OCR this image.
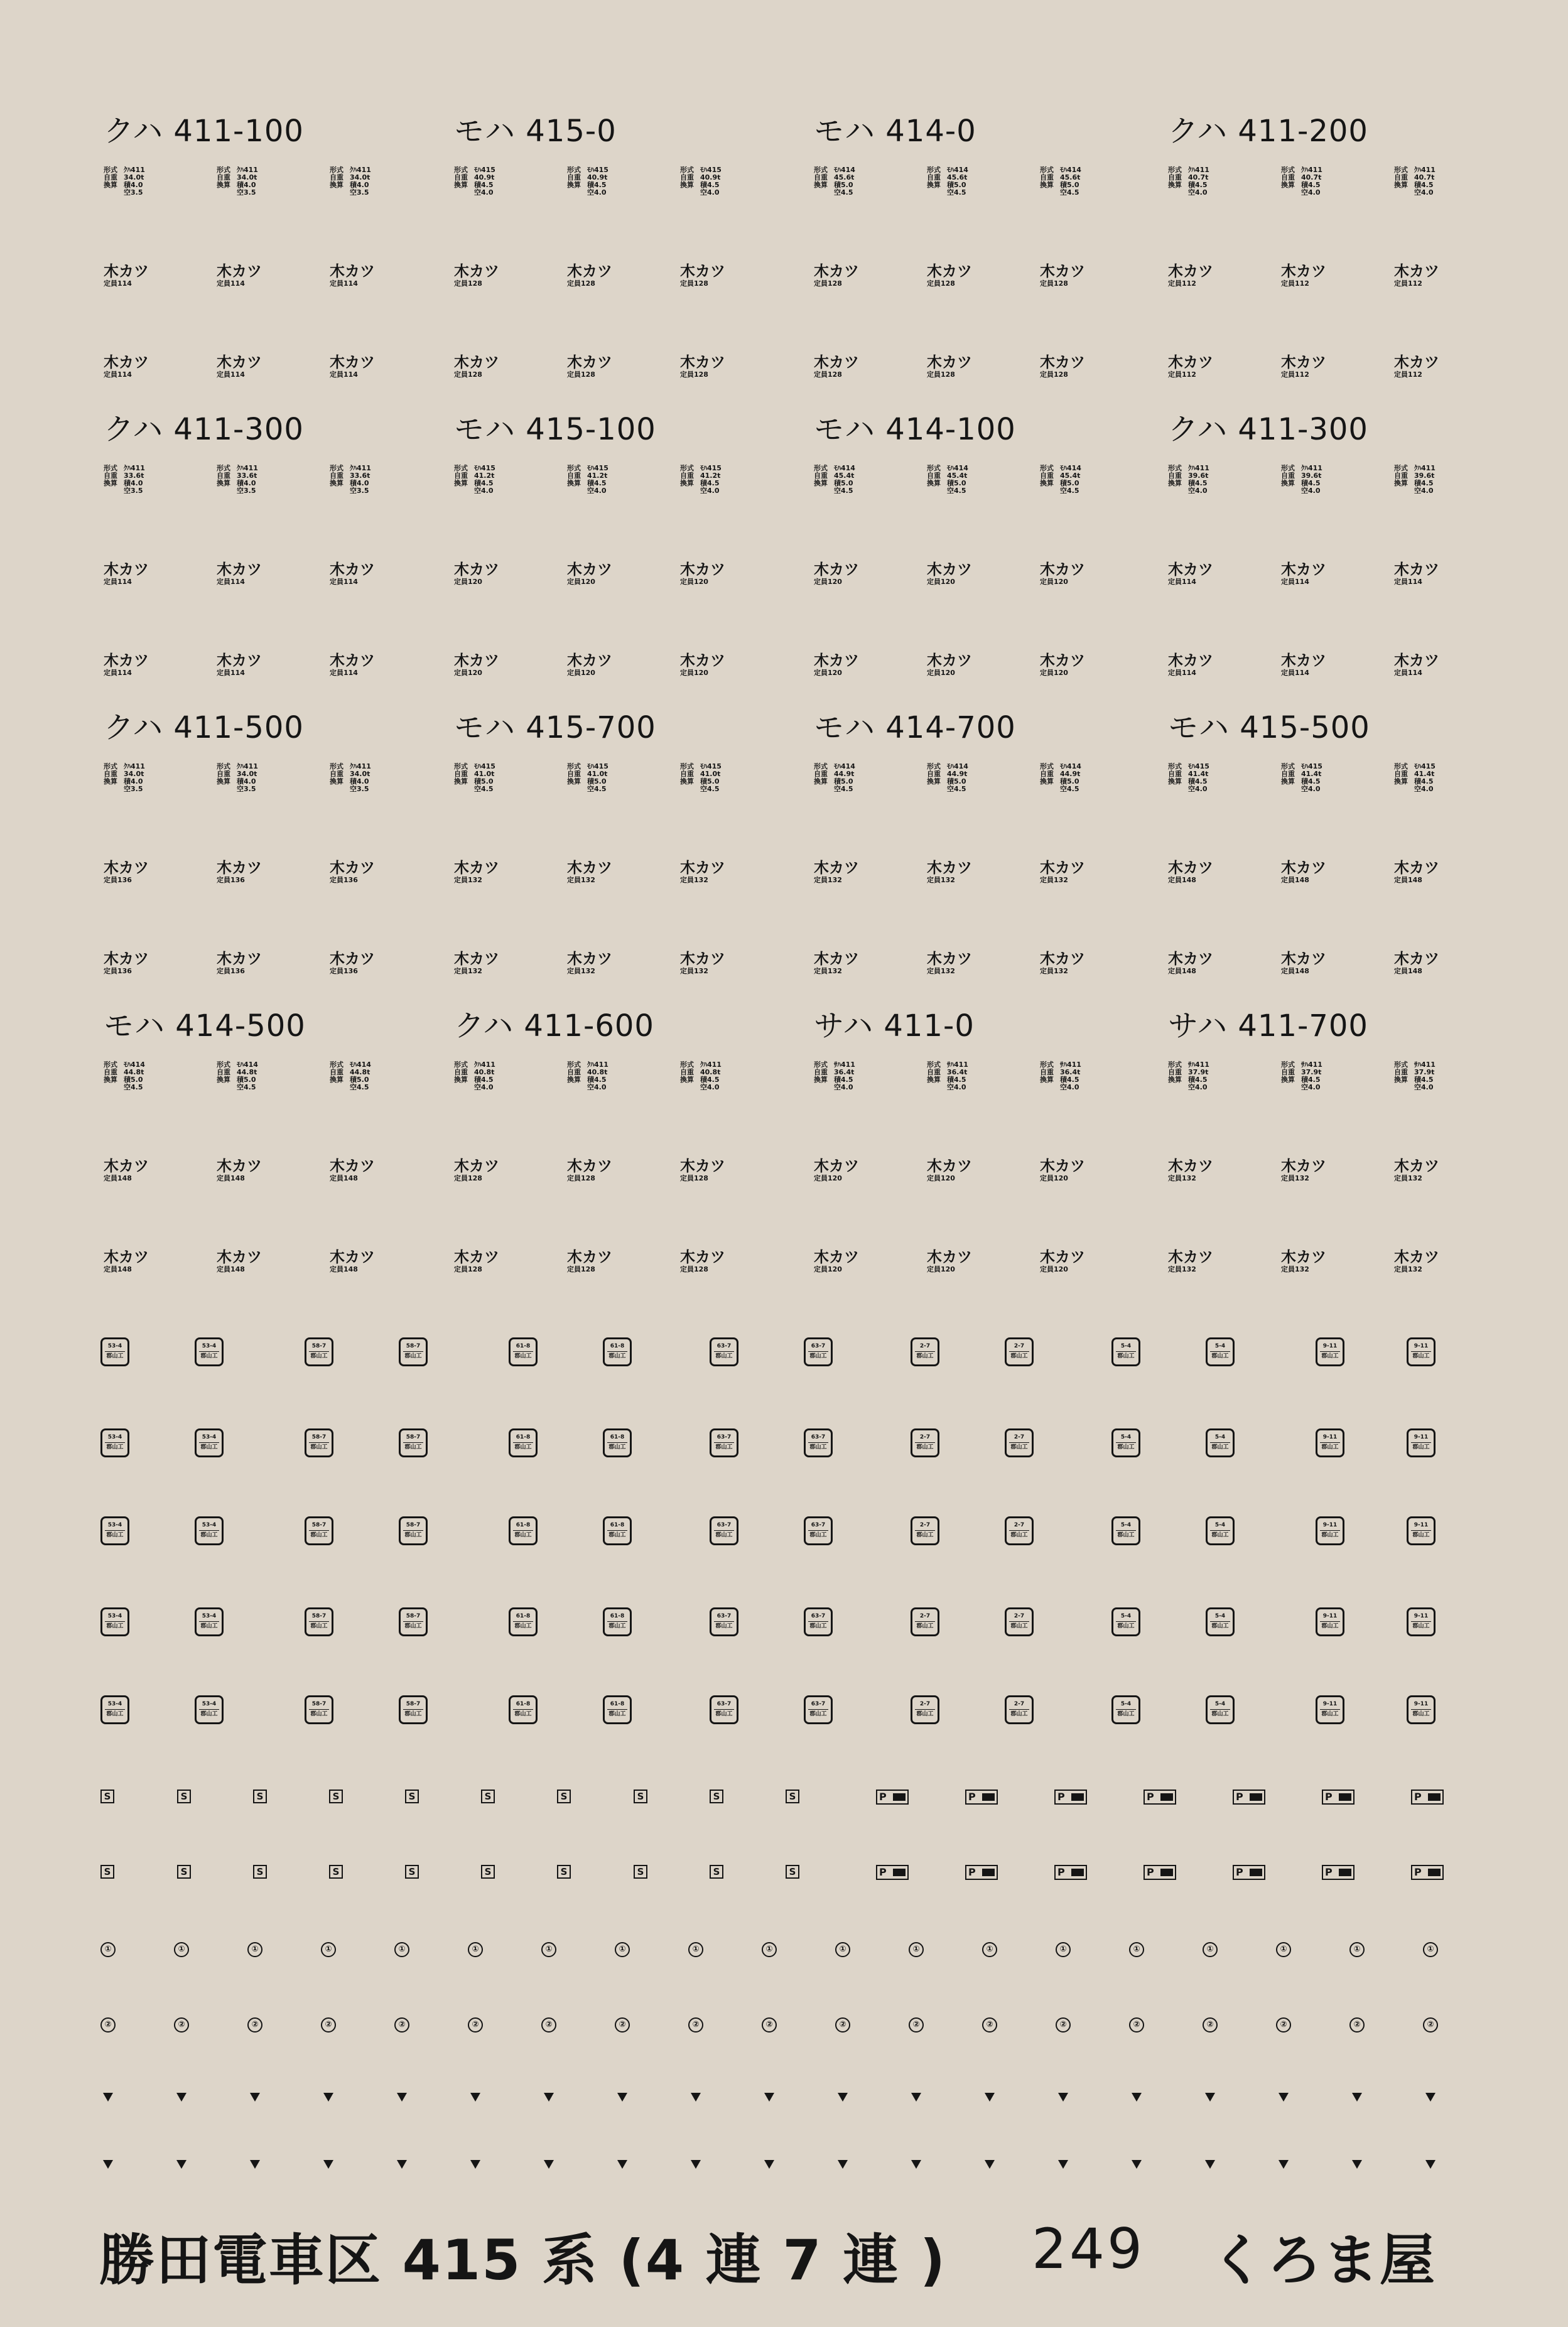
クハ 411-100
形式 ｸﾊ411
自重 34.0t
換算 積4.0
空3.5
木カツ
定員114
木カツ
定員114
形式 ｸﾊ411
自重 34.0t
換算 積4.0
空3.5
木カツ
定員114
木カツ
定員114
形式 ｸﾊ411
自重 34.0t
換算 積4.0
空3.5
木カツ
定員114
木カツ
定員114
モハ 415-0
形式 ﾓﾊ415
自重 40.9t
換算 積4.5
空4.0
木カツ
定員128
木カツ
定員128
形式 ﾓﾊ415
自重 40.9t
換算 積4.5
空4.0
木カツ
定員128
木カツ
定員128
形式 ﾓﾊ415
自重 40.9t
換算 積4.5
空4.0
木カツ
定員128
木カツ
定員128
モハ 414-0
形式 ﾓﾊ414
自重 45.6t
換算 積5.0
空4.5
木カツ
定員128
木カツ
定員128
形式 ﾓﾊ414
自重 45.6t
換算 積5.0
空4.5
木カツ
定員128
木カツ
定員128
形式 ﾓﾊ414
自重 45.6t
換算 積5.0
空4.5
木カツ
定員128
木カツ
定員128
クハ 411-200
形式 ｸﾊ411
自重 40.7t
換算 積4.5
空4.0
木カツ
定員112
木カツ
定員112
形式 ｸﾊ411
自重 40.7t
換算 積4.5
空4.0
木カツ
定員112
木カツ
定員112
形式 ｸﾊ411
自重 40.7t
換算 積4.5
空4.0
木カツ
定員112
木カツ
定員112
クハ 411-300
形式 ｸﾊ411
自重 33.6t
換算 積4.0
空3.5
木カツ
定員114
木カツ
定員114
形式 ｸﾊ411
自重 33.6t
換算 積4.0
空3.5
木カツ
定員114
木カツ
定員114
形式 ｸﾊ411
自重 33.6t
換算 積4.0
空3.5
木カツ
定員114
木カツ
定員114
モハ 415-100
形式 ﾓﾊ415
自重 41.2t
換算 積4.5
空4.0
木カツ
定員120
木カツ
定員120
形式 ﾓﾊ415
自重 41.2t
換算 積4.5
空4.0
木カツ
定員120
木カツ
定員120
形式 ﾓﾊ415
自重 41.2t
換算 積4.5
空4.0
木カツ
定員120
木カツ
定員120
モハ 414-100
形式 ﾓﾊ414
自重 45.4t
換算 積5.0
空4.5
木カツ
定員120
木カツ
定員120
形式 ﾓﾊ414
自重 45.4t
換算 積5.0
空4.5
木カツ
定員120
木カツ
定員120
形式 ﾓﾊ414
自重 45.4t
換算 積5.0
空4.5
木カツ
定員120
木カツ
定員120
クハ 411-300
形式 ｸﾊ411
自重 39.6t
換算 積4.5
空4.0
木カツ
定員114
木カツ
定員114
形式 ｸﾊ411
自重 39.6t
換算 積4.5
空4.0
木カツ
定員114
木カツ
定員114
形式 ｸﾊ411
自重 39.6t
換算 積4.5
空4.0
木カツ
定員114
木カツ
定員114
クハ 411-500
形式 ｸﾊ411
自重 34.0t
換算 積4.0
空3.5
木カツ
定員136
木カツ
定員136
形式 ｸﾊ411
自重 34.0t
換算 積4.0
空3.5
木カツ
定員136
木カツ
定員136
形式 ｸﾊ411
自重 34.0t
換算 積4.0
空3.5
木カツ
定員136
木カツ
定員136
モハ 415-700
形式 ﾓﾊ415
自重 41.0t
換算 積5.0
空4.5
木カツ
定員132
木カツ
定員132
形式 ﾓﾊ415
自重 41.0t
換算 積5.0
空4.5
木カツ
定員132
木カツ
定員132
形式 ﾓﾊ415
自重 41.0t
換算 積5.0
空4.5
木カツ
定員132
木カツ
定員132
モハ 414-700
形式 ﾓﾊ414
自重 44.9t
換算 積5.0
空4.5
木カツ
定員132
木カツ
定員132
形式 ﾓﾊ414
自重 44.9t
換算 積5.0
空4.5
木カツ
定員132
木カツ
定員132
形式 ﾓﾊ414
自重 44.9t
換算 積5.0
空4.5
木カツ
定員132
木カツ
定員132
モハ 415-500
形式 ﾓﾊ415
自重 41.4t
換算 積4.5
空4.0
木カツ
定員148
木カツ
定員148
形式 ﾓﾊ415
自重 41.4t
換算 積4.5
空4.0
木カツ
定員148
木カツ
定員148
形式 ﾓﾊ415
自重 41.4t
換算 積4.5
空4.0
木カツ
定員148
木カツ
定員148
モハ 414-500
形式 ﾓﾊ414
自重 44.8t
換算 積5.0
空4.5
木カツ
定員148
木カツ
定員148
形式 ﾓﾊ414
自重 44.8t
換算 積5.0
空4.5
木カツ
定員148
木カツ
定員148
形式 ﾓﾊ414
自重 44.8t
換算 積5.0
空4.5
木カツ
定員148
木カツ
定員148
クハ 411-600
形式 ｸﾊ411
自重 40.8t
換算 積4.5
空4.0
木カツ
定員128
木カツ
定員128
形式 ｸﾊ411
自重 40.8t
換算 積4.5
空4.0
木カツ
定員128
木カツ
定員128
形式 ｸﾊ411
自重 40.8t
換算 積4.5
空4.0
木カツ
定員128
木カツ
定員128
サハ 411-0
形式 ｻﾊ411
自重 36.4t
換算 積4.5
空4.0
木カツ
定員120
木カツ
定員120
形式 ｻﾊ411
自重 36.4t
換算 積4.5
空4.0
木カツ
定員120
木カツ
定員120
形式 ｻﾊ411
自重 36.4t
換算 積4.5
空4.0
木カツ
定員120
木カツ
定員120
サハ 411-700
形式 ｻﾊ411
自重 37.9t
換算 積4.5
空4.0
木カツ
定員132
木カツ
定員132
形式 ｻﾊ411
自重 37.9t
換算 積4.5
空4.0
木カツ
定員132
木カツ
定員132
形式 ｻﾊ411
自重 37.9t
換算 積4.5
空4.0
木カツ
定員132
木カツ
定員132
53-4
郡山工
53-4
郡山工
58-7
郡山工
58-7
郡山工
61-8
郡山工
61-8
郡山工
63-7
郡山工
63-7
郡山工
2-7
郡山工
2-7
郡山工
5-4
郡山工
5-4
郡山工
9-11
郡山工
9-11
郡山工
53-4
郡山工
53-4
郡山工
58-7
郡山工
58-7
郡山工
61-8
郡山工
61-8
郡山工
63-7
郡山工
63-7
郡山工
2-7
郡山工
2-7
郡山工
5-4
郡山工
5-4
郡山工
9-11
郡山工
9-11
郡山工
53-4
郡山工
53-4
郡山工
58-7
郡山工
58-7
郡山工
61-8
郡山工
61-8
郡山工
63-7
郡山工
63-7
郡山工
2-7
郡山工
2-7
郡山工
5-4
郡山工
5-4
郡山工
9-11
郡山工
9-11
郡山工
53-4
郡山工
53-4
郡山工
58-7
郡山工
58-7
郡山工
61-8
郡山工
61-8
郡山工
63-7
郡山工
63-7
郡山工
2-7
郡山工
2-7
郡山工
5-4
郡山工
5-4
郡山工
9-11
郡山工
9-11
郡山工
53-4
郡山工
53-4
郡山工
58-7
郡山工
58-7
郡山工
61-8
郡山工
61-8
郡山工
63-7
郡山工
63-7
郡山工
2-7
郡山工
2-7
郡山工
5-4
郡山工
5-4
郡山工
9-11
郡山工
9-11
郡山工
S	S	S	S	S	S	S	S	S	S	P	P	P	P	P	P	P
S	S	S	S	S	S	S	S	S	S	P	P	P	P	P	P	P
①	①	①	①	①	①	①	①	①	①	①	①	①	①	①	①	①	①	①
②	②	②	②	②	②	②	②	②	②	②	②	②	②	②	②	②	②	②
勝田電車区 415 系 (4 連 7 連 ) 249 くろま屋
